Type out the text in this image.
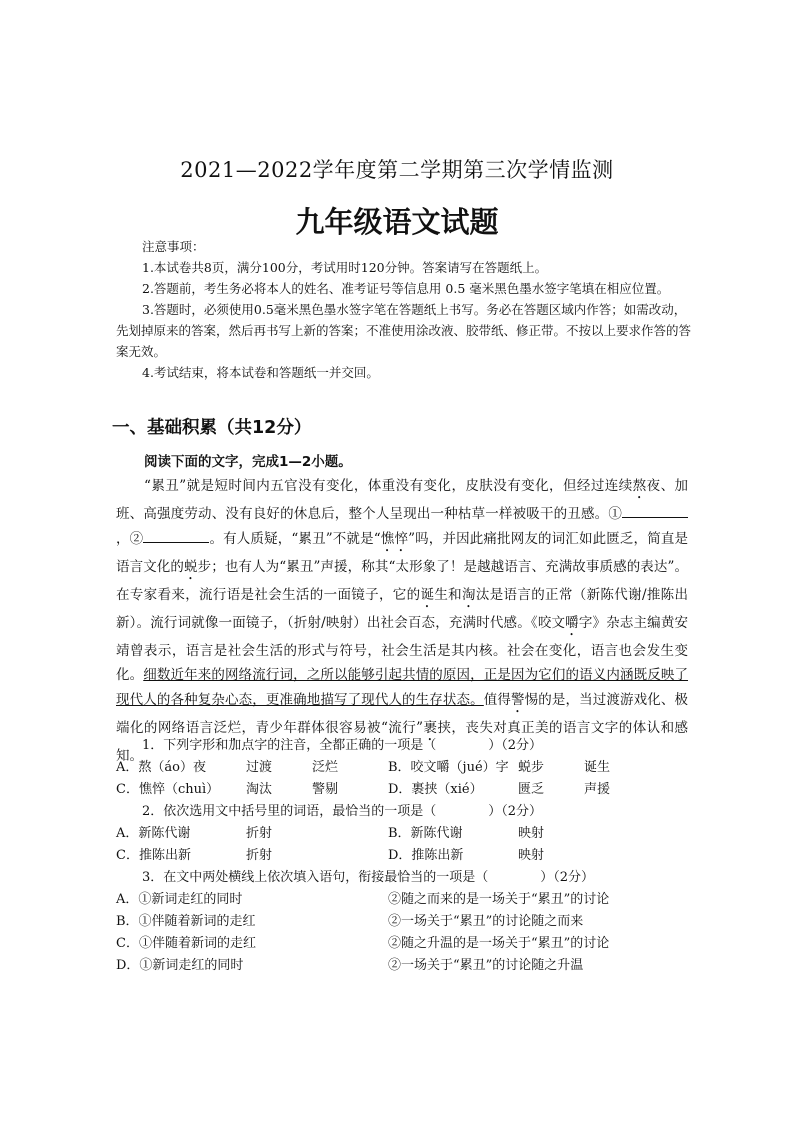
2021—2022学年度第二学期第三次学情监测
九年级语文试题

注意事项：

1.本试卷共8页，满分100分，考试用时120分钟。答案请写在答题纸上。

2.答题前，考生务必将本人的姓名、准考证号等信息用 0.5 毫米黑色墨水签字笔填在相应位置。

3.答题时，必须使用0.5毫米黑色墨水签字笔在答题纸上书写。务必在答题区域内作答；如需改动，先划掉原来的答案，然后再书写上新的答案；不准使用涂改液、胶带纸、修正带。不按以上要求作答的答案无效。

4.考试结束，将本试卷和答题纸一并交回。

一、基础积累（共12分）

阅读下面的文字，完成1—2小题。

“累丑”就是短时间内五官没有变化，体重没有变化，皮肤没有变化，但经过连续熬夜、加班、高强度劳动、没有良好的休息后，整个人呈现出一种枯草一样被吸干的丑感。①，②	。有人质疑，“累丑”不就是“憔悴”吗，并因此痛批网友的词汇如此匮乏，简直是语言文化的蜕步；也有人为“累丑”声援，称其“太形象了！是越越语言、充满故事质感的表达”。在专家看来，流行语是社会生活的一面镜子，它的诞生和淘汰是语言的正常（新陈代谢/推陈出新）。流行词就像一面镜子，（折射/映射）出社会百态，充满时代感。《咬文嚼字》杂志主编黄安靖曾表示，语言是社会生活的形式与符号，社会生活是其内核。社会在变化，语言也会发生变化。细数近年来的网络流行词，之所以能够引起共情的原因，正是因为它们的语义内涵既反映了现代人的各种复杂心态，更准确地描写了现代人的生存状态。值得警惕的是，当过渡游戏化、极端化的网络语言泛烂，青少年群体很容易被“流行”裹挟，丧失对真正美的语言文字的体认和感知。

1．下列字形和加点字的注音，全都正确的一项是（　　　　）（2分）

A．熬（áo）夜	过渡	泛烂	B．咬文嚼（jué）字 蜕步	诞生
C．憔悴（chuì） 淘汰	警剔	D．裹挟（xié）	匮乏	声援

2．依次选用文中括号里的词语，最恰当的一项是（　　　　）（2分）

A．新陈代谢	折射	B．新陈代谢	映射
C．推陈出新	折射	D．推陈出新	映射

3．在文中两处横线上依次填入语句，衔接最恰当的一项是（　　　　）（2分）

A．①新词走红的同时	②随之而来的是一场关于“累丑”的讨论
B．①伴随着新词的走红	②一场关于“累丑”的讨论随之而来
C．①伴随着新词的走红	②随之升温的是一场关于“累丑”的讨论
D．①新词走红的同时	②一场关于“累丑”的讨论随之升温
